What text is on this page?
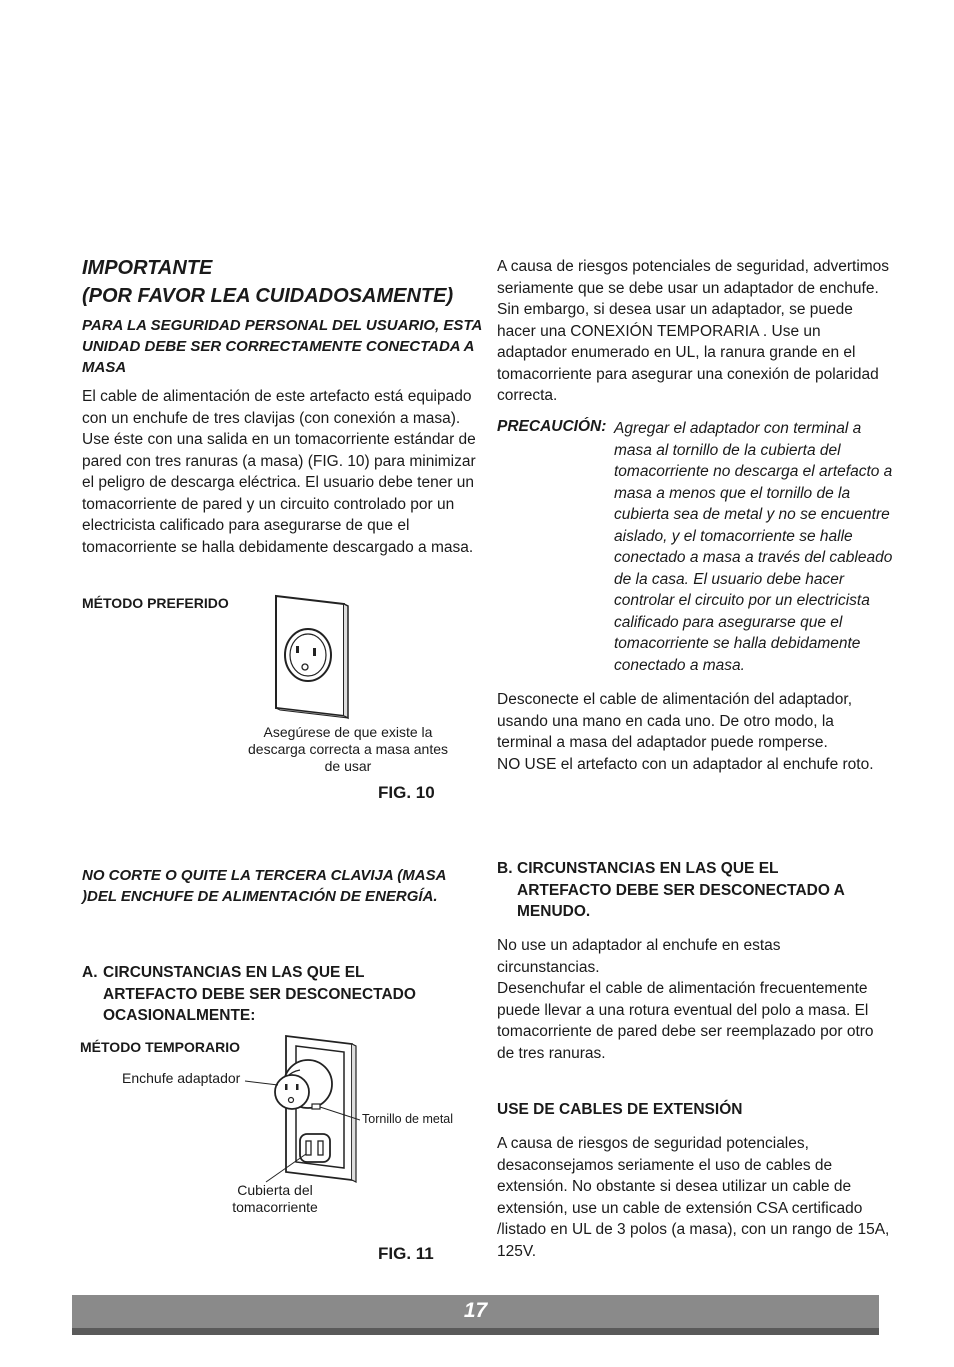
IMPORTANTE

(POR FAVOR LEA CUIDADOSAMENTE)

PARA LA SEGURIDAD PERSONAL DEL USUARIO, ESTA UNIDAD DEBE SER CORRECTAMENTE CONECTADA A MASA

El cable de alimentación de este artefacto está equipado con un enchufe de tres clavijas (con conexión a masa). Use éste con una salida en un tomacorriente estándar de pared con tres ranuras (a masa) (FIG. 10) para minimizar el peligro de descarga eléctrica. El usuario debe tener un tomacorriente de pared y un circuito controlado por un electricista calificado para asegurarse de que el tomacorriente se halla debidamente descargado a masa.

MÉTODO PREFERIDO
Asegúrese de que existe la descarga correcta a masa antes de usar
FIG. 10

NO CORTE O QUITE LA TERCERA CLAVIJA (MASA )DEL ENCHUFE DE ALIMENTACIÓN DE ENERGÍA.

A. CIRCUNSTANCIAS EN LAS QUE EL ARTEFACTO DEBE SER DESCONECTADO OCASIONALMENTE:

MÉTODO TEMPORARIO
Enchufe adaptador
Tornillo de metal
Cubierta del tomacorriente
FIG. 11

A causa de riesgos potenciales de seguridad, advertimos seriamente que se debe usar un adaptador de enchufe. Sin embargo, si desea usar un adaptador, se puede hacer una CONEXIÓN TEMPORARIA . Use un adaptador enumerado en UL, la ranura grande en el tomacorriente para asegurar una conexión de polaridad correcta.

PRECAUCIÓN: Agregar el adaptador con terminal a masa al tornillo de la cubierta del tomacorriente no descarga el artefacto a masa a menos que el tornillo de la cubierta sea de metal y no se encuentre aislado, y el tomacorriente se halle conectado a masa a través del cableado de la casa. El usuario debe hacer controlar el circuito por un electricista calificado para asegurarse que el tomacorriente se halla debidamente conectado a masa.

Desconecte el cable de alimentación del adaptador, usando una mano en cada uno. De otro modo, la terminal a masa del adaptador puede romperse.

NO USE el artefacto con un adaptador al enchufe roto.

B. CIRCUNSTANCIAS EN LAS QUE EL ARTEFACTO DEBE SER DESCONECTADO A MENUDO.

No use un adaptador al enchufe en estas circunstancias.

Desenchufar el cable de alimentación frecuentemente puede llevar a una rotura eventual del polo a masa. El tomacorriente de pared debe ser reemplazado por otro de tres ranuras.

USE DE CABLES DE EXTENSIÓN

A causa de riesgos de seguridad potenciales, desaconsejamos seriamente el uso de cables de extensión. No obstante si desea utilizar un cable de extensión, use un cable de extensión CSA certificado /listado en UL de 3 polos (a masa), con un rango de 15A, 125V.

17
